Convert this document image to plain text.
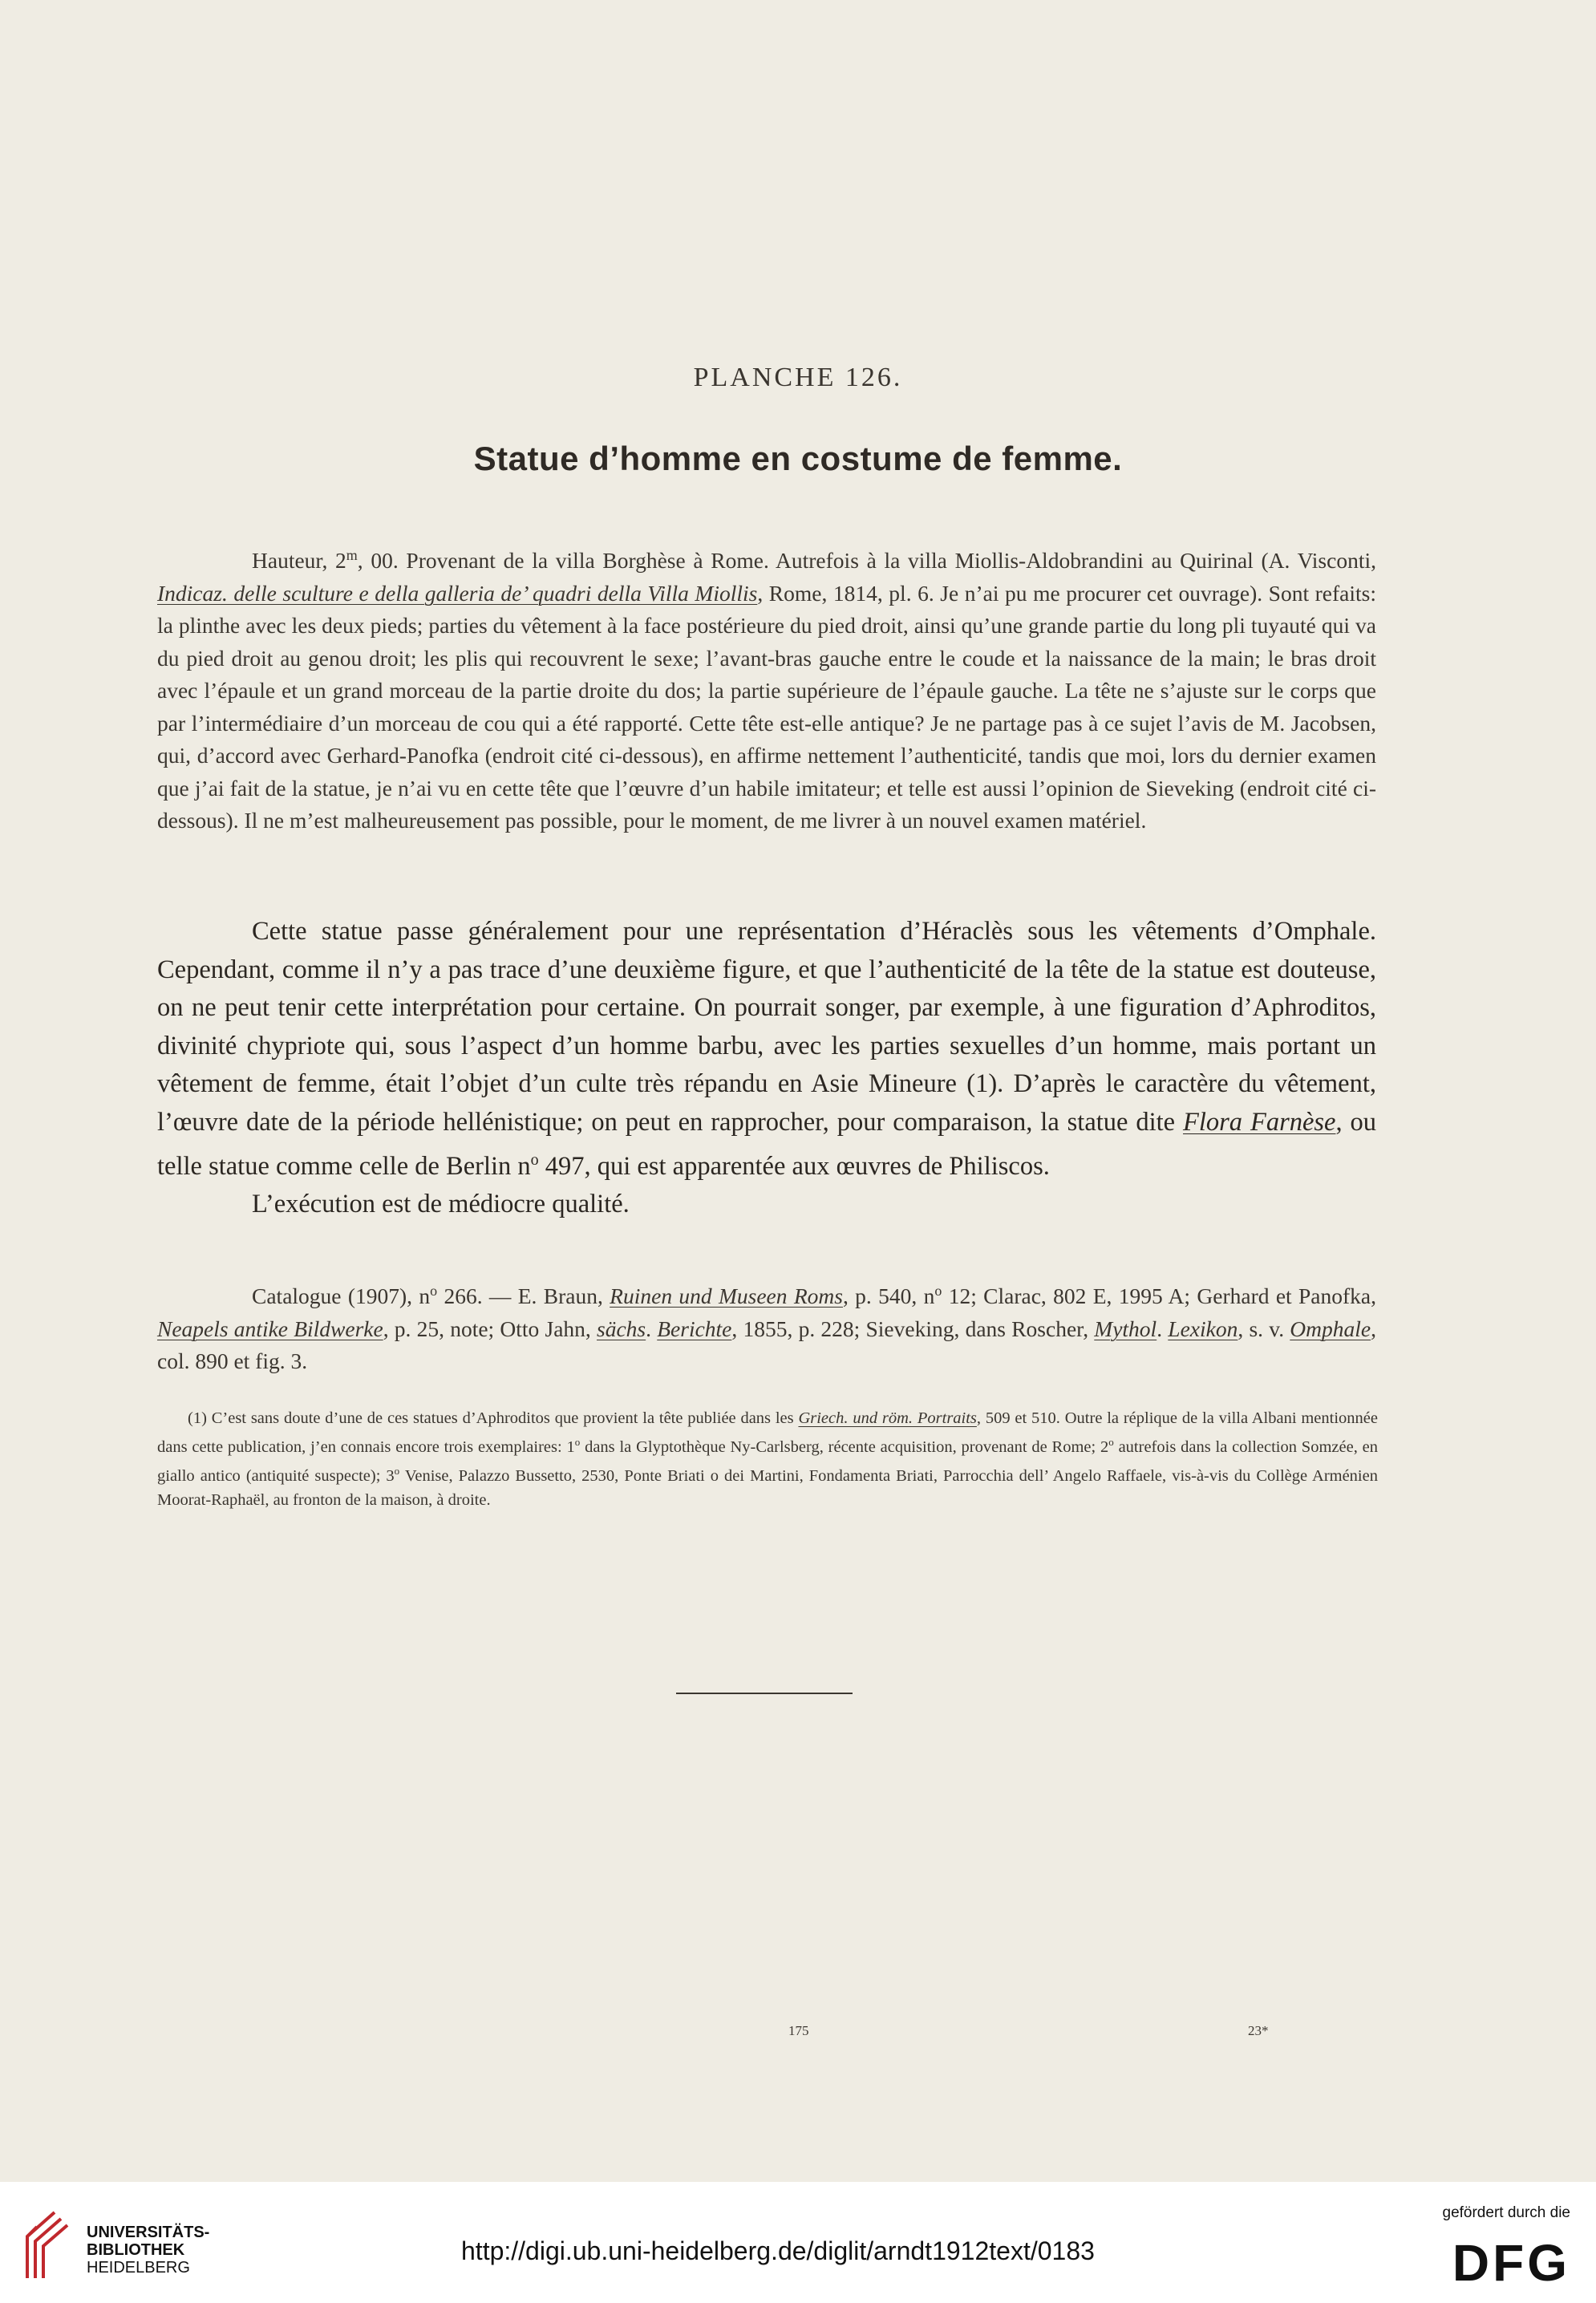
PLANCHE 126.
Statue d’homme en costume de femme.

Hauteur, 2$^m$, 00. Provenant de la villa Borghèse à Rome. Autrefois à la villa Miollis-Aldobrandini au Quirinal (A. Visconti, Indicaz. delle sculture e della galleria de’ quadri della Villa Miollis, Rome, 1814, pl. 6. Je n’ai pu me procurer cet ouvrage). Sont refaits: la plinthe avec les deux pieds; parties du vêtement à la face postérieure du pied droit, ainsi qu’une grande partie du long pli tuyauté qui va du pied droit au genou droit; les plis qui recouvrent le sexe; l’avant-bras gauche entre le coude et la naissance de la main; le bras droit avec l’épaule et un grand morceau de la partie droite du dos; la partie supérieure de l’épaule gauche. La tête ne s’ajuste sur le corps que par l’intermédiaire d’un morceau de cou qui a été rapporté. Cette tête est-elle antique? Je ne partage pas à ce sujet l’avis de M. Jacobsen, qui, d’accord avec Gerhard-Panofka (endroit cité ci-dessous), en affirme nettement l’authenticité, tandis que moi, lors du dernier examen que j’ai fait de la statue, je n’ai vu en cette tête que l’œuvre d’un habile imitateur; et telle est aussi l’opinion de Sieveking (endroit cité ci-dessous). Il ne m’est malheureusement pas possible, pour le moment, de me livrer à un nouvel examen matériel.

Cette statue passe généralement pour une représentation d’Héraclès sous les vêtements d’Omphale. Cependant, comme il n’y a pas trace d’une deuxième figure, et que l’authenticité de la tête de la statue est douteuse, on ne peut tenir cette interprétation pour certaine. On pourrait songer, par exemple, à une figuration d’Aphroditos, divinité chypriote qui, sous l’aspect d’un homme barbu, avec les parties sexuelles d’un homme, mais portant un vêtement de femme, était l’objet d’un culte très répandu en Asie Mineure (1). D’après le caractère du vêtement, l’œuvre date de la période hellénistique; on peut en rapprocher, pour comparaison, la statue dite Flora Farnèse, ou telle statue comme celle de Berlin $n^o$ 497, qui est apparentée aux œuvres de Philiscos.

L’exécution est de médiocre qualité.

Catalogue (1907), $n^o$ 266. — E. Braun, Ruinen und Museen Roms, p. 540, $n^o$ 12; Clarac, 802 E, 1995 A; Gerhard et Panofka, Neapels antike Bildwerke, p. 25, note; Otto Jahn, sächs. Berichte, 1855, p. 228; Sieveking, dans Roscher, Mythol. Lexikon, s. v. Omphale, col. 890 et fig. 3.

(1) C’est sans doute d’une de ces statues d’Aphroditos que provient la tête publiée dans les Griech. und röm. Portraits, 509 et 510. Outre la réplique de la villa Albani mentionnée dans cette publication, j’en connais encore trois exemplaires: 1$^o$ dans la Glyptothèque Ny-Carlsberg, récente acquisition, provenant de Rome; 2$^o$ autrefois dans la collection Somzée, en giallo antico (antiquité suspecte); 3$^o$ Venise, Palazzo Bussetto, 2530, Ponte Briati o dei Martini, Fondamenta Briati, Parrocchia dell’ Angelo Raffaele, vis-à-vis du Collège Arménien Moorat-Raphaël, au fronton de la maison, à droite.

175	23*
UNIVERSITÄTS-
BIBLIOTHEK
HEIDELBERG
http://digi.ub.uni-heidelberg.de/diglit/arndt1912text/0183
gefördert durch die
DFG
